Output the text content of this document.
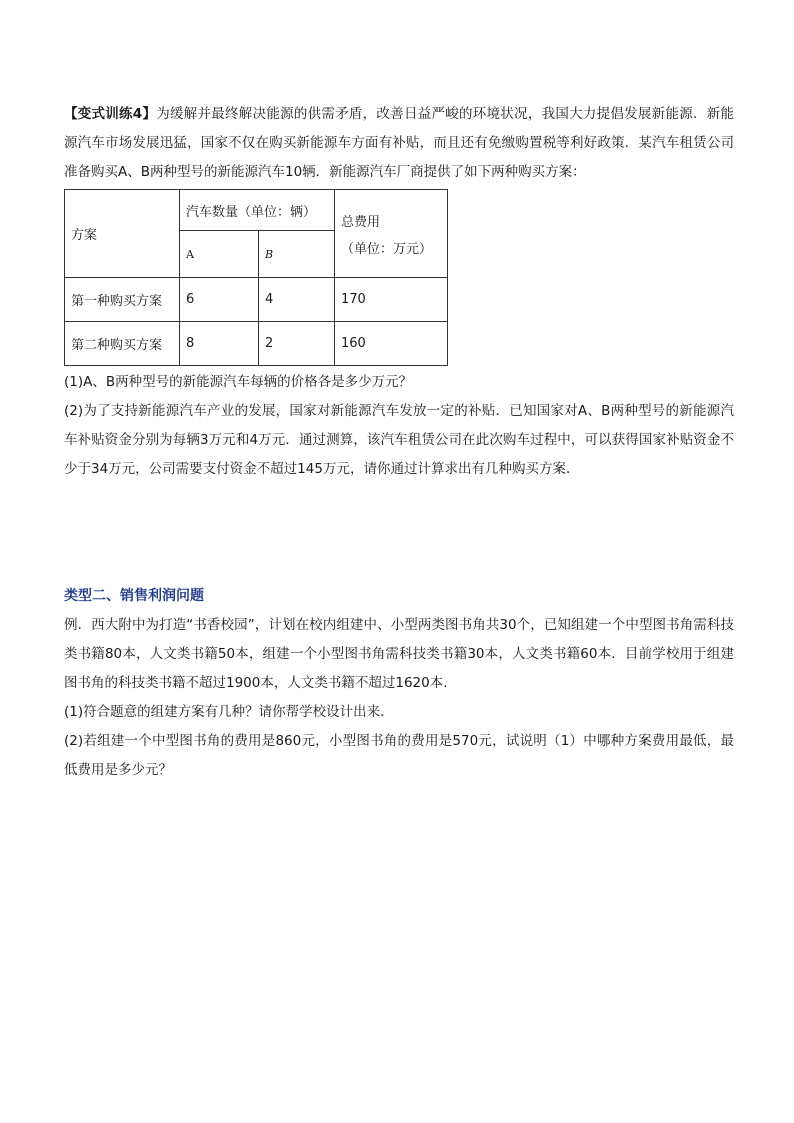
【变式训练4】为缓解并最终解决能源的供需矛盾，改善日益严峻的环境状况，我国大力提倡发展新能源．新能源汽车市场发展迅猛，国家不仅在购买新能源车方面有补贴，而且还有免缴购置税等利好政策．某汽车租赁公司准备购买A、B两种型号的新能源汽车10辆．新能源汽车厂商提供了如下两种购买方案：

方案	汽车数量（单位：辆）		总费用
（单位：万元）

	A	B	
第一种购买方案	6	4	170
第二种购买方案	8	2	160

(1)A、B两种型号的新能源汽车每辆的价格各是多少万元？

(2)为了支持新能源汽车产业的发展，国家对新能源汽车发放一定的补贴．已知国家对A、B两种型号的新能源汽车补贴资金分别为每辆3万元和4万元．通过测算，该汽车租赁公司在此次购车过程中，可以获得国家补贴资金不少于34万元，公司需要支付资金不超过145万元，请你通过计算求出有几种购买方案．

类型二、销售利润问题

例．西大附中为打造“书香校园”，计划在校内组建中、小型两类图书角共30个，已知组建一个中型图书角需科技类书籍80本，人文类书籍50本，组建一个小型图书角需科技类书籍30本，人文类书籍60本．目前学校用于组建图书角的科技类书籍不超过1900本，人文类书籍不超过1620本．

(1)符合题意的组建方案有几种？请你帮学校设计出来．

(2)若组建一个中型图书角的费用是860元，小型图书角的费用是570元，试说明（1）中哪种方案费用最低，最低费用是多少元？
